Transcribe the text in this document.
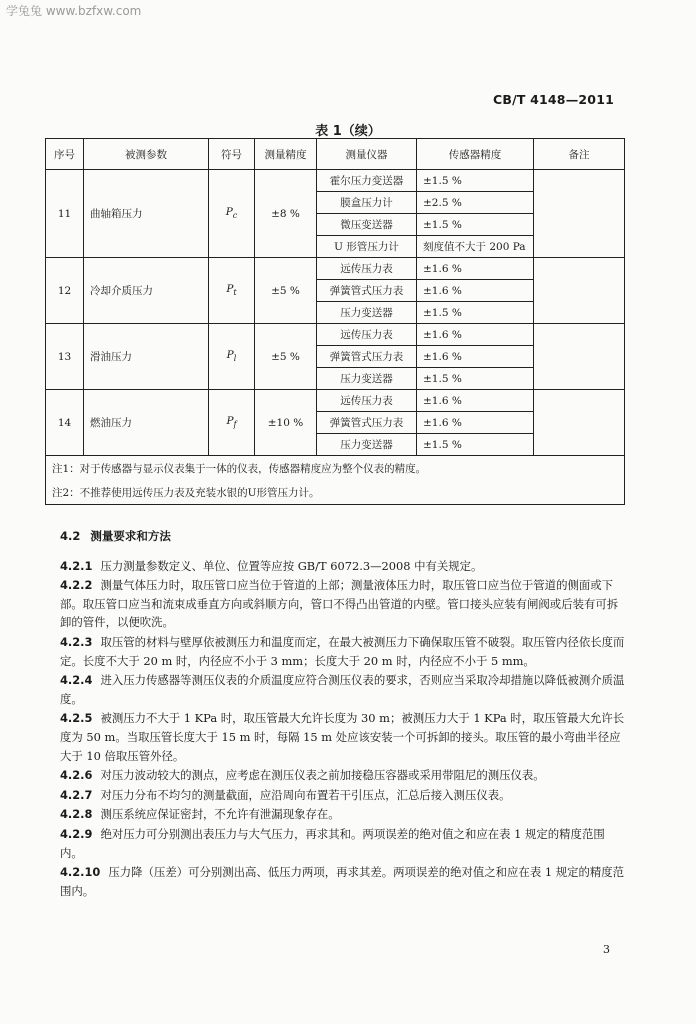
学兔兔 www.bzfxw.com
CB/T 4148—2011
表 1（续）
序号	被测参数	符号	测量精度	测量仪器	传感器精度	备注
11	曲轴箱压力	$P_c$	±8 %	霍尔压力变送器	±1.5 %	
				膜盒压力计	±2.5 %	
				微压变送器	±1.5 %	
				U 形管压力计	刻度值不大于 200 Pa	
12	冷却介质压力	$P_t$	±5 %	远传压力表	±1.6 %	
				弹簧管式压力表	±1.6 %	
				压力变送器	±1.5 %	
13	滑油压力	$P_l$	±5 %	远传压力表	±1.6 %	
				弹簧管式压力表	±1.6 %	
				压力变送器	±1.5 %	
14	燃油压力	$P_f$	±10 %	远传压力表	±1.6 %	
				弹簧管式压力表	±1.6 %	
				压力变送器	±1.5 %	
注1：对于传感器与显示仪表集于一体的仪表，传感器精度应为整个仪表的精度。						
注2：不推荐使用远传压力表及充装水银的U形管压力计。						
4.2 测量要求和方法

4.2.1 压力测量参数定义、单位、位置等应按 GB/T 6072.3—2008 中有关规定。

4.2.2 测量气体压力时，取压管口应当位于管道的上部；测量液体压力时，取压管口应当位于管道的侧面或下部。取压管口应当和流束成垂直方向或斜顺方向，管口不得凸出管道的内壁。管口接头应装有闸阀或后装有可拆卸的管件，以便吹洗。

4.2.3 取压管的材料与壁厚依被测压力和温度而定，在最大被测压力下确保取压管不破裂。取压管内径依长度而定。长度不大于 20 m 时，内径应不小于 3 mm；长度大于 20 m 时，内径应不小于 5 mm。

4.2.4 进入压力传感器等测压仪表的介质温度应符合测压仪表的要求，否则应当采取冷却措施以降低被测介质温度。

4.2.5 被测压力不大于 1 KPa 时，取压管最大允许长度为 30 m；被测压力大于 1 KPa 时，取压管最大允许长度为 50 m。当取压管长度大于 15 m 时，每隔 15 m 处应该安装一个可拆卸的接头。取压管的最小弯曲半径应大于 10 倍取压管外径。

4.2.6 对压力波动较大的测点，应考虑在测压仪表之前加接稳压容器或采用带阻尼的测压仪表。

4.2.7 对压力分布不均匀的测量截面，应沿周向布置若干引压点，汇总后接入测压仪表。

4.2.8 测压系统应保证密封，不允许有泄漏现象存在。

4.2.9 绝对压力可分别测出表压力与大气压力，再求其和。两项误差的绝对值之和应在表 1 规定的精度范围内。

4.2.10 压力降（压差）可分别测出高、低压力两项，再求其差。两项误差的绝对值之和应在表 1 规定的精度范围内。

3
